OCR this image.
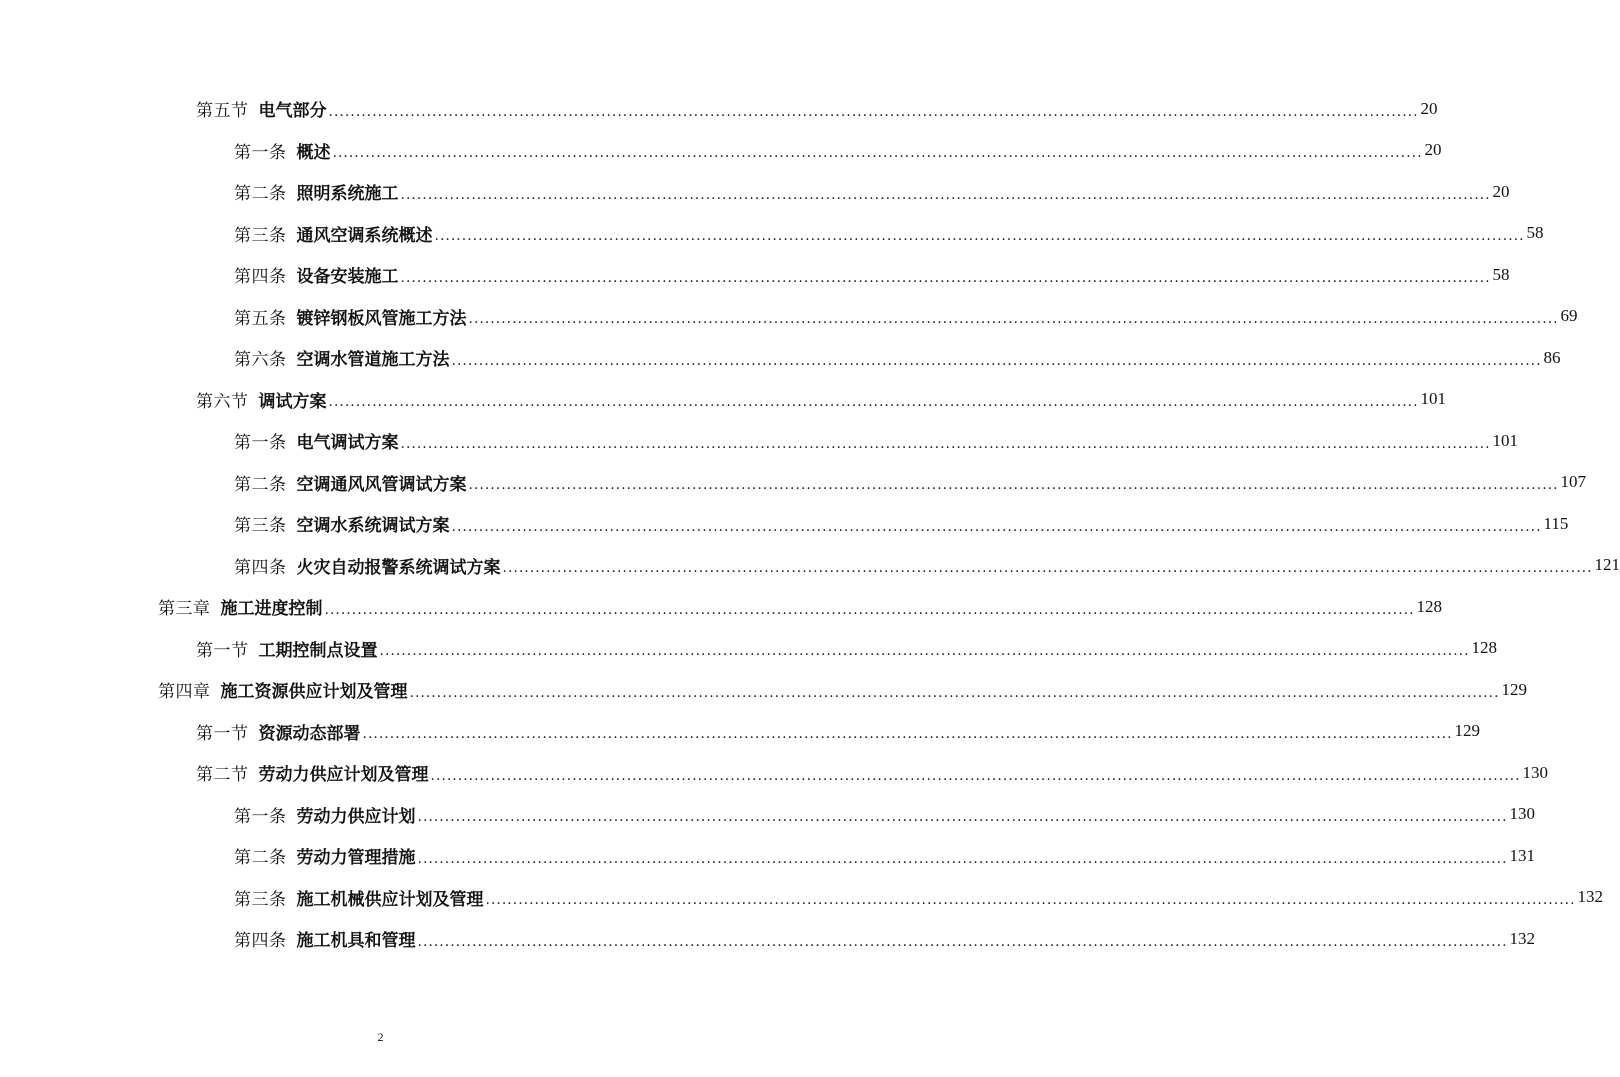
第五节 电气部分 ........................................................................................................................................................................................................ 20
第一条 概述 ........................................................................................................................................................................................................ 20
第二条 照明系统施工 ........................................................................................................................................................................................................ 20
第三条 通风空调系统概述 ........................................................................................................................................................................................................ 58
第四条 设备安装施工 ........................................................................................................................................................................................................ 58
第五条 镀锌钢板风管施工方法 ........................................................................................................................................................................................................ 69
第六条 空调水管道施工方法 ........................................................................................................................................................................................................ 86
第六节 调试方案 ........................................................................................................................................................................................................ 101
第一条 电气调试方案 ........................................................................................................................................................................................................ 101
第二条 空调通风风管调试方案 ........................................................................................................................................................................................................ 107
第三条 空调水系统调试方案 ........................................................................................................................................................................................................ 115
第四条 火灾自动报警系统调试方案 ........................................................................................................................................................................................................ 121
第三章 施工进度控制 ........................................................................................................................................................................................................ 128
第一节 工期控制点设置 ........................................................................................................................................................................................................ 128
第四章 施工资源供应计划及管理 ........................................................................................................................................................................................................ 129
第一节 资源动态部署 ........................................................................................................................................................................................................ 129
第二节 劳动力供应计划及管理 ........................................................................................................................................................................................................ 130
第一条 劳动力供应计划 ........................................................................................................................................................................................................ 130
第二条 劳动力管理措施 ........................................................................................................................................................................................................ 131
第三条 施工机械供应计划及管理 ........................................................................................................................................................................................................ 132
第四条 施工机具和管理 ........................................................................................................................................................................................................ 132
2
